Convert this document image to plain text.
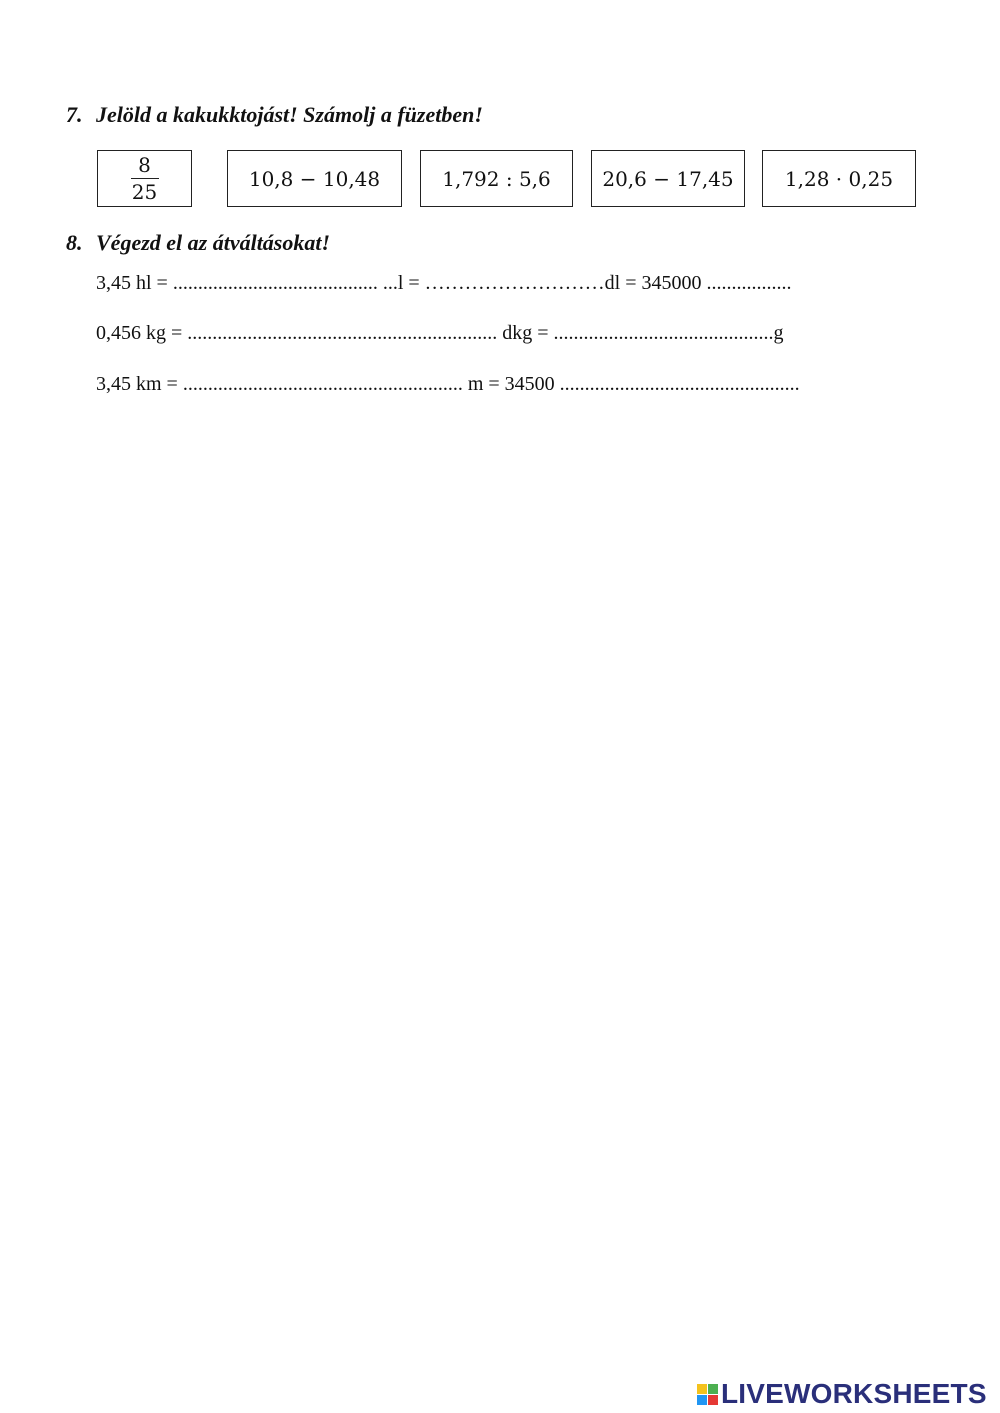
7. Jelöld a kakukktojást! Számolj a füzetben!
$\frac{8}{25}$	10,8 − 10,48	1,792 : 5,6	20,6 − 17,45	1,28 · 0,25
8. Végezd el az átváltásokat!
3,45 hl = ......................................... ...l = ………………………dl = 345000 .................
0,456 kg = .............................................................. dkg = ............................................g
3,45 km = ........................................................ m = 34500 ................................................
LIVEWORKSHEETS
